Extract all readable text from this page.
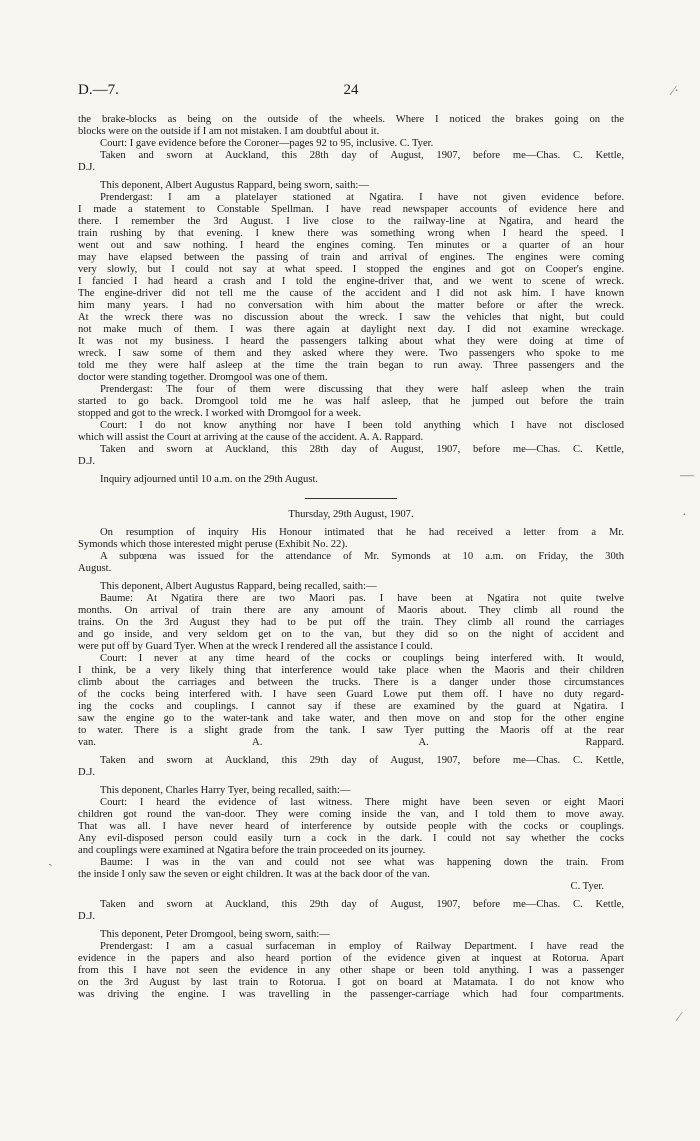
⁄·
—
·
ˏ
⁄
D.—7.	24
the brake-blocks as being on the outside of the wheels. Where I noticed the brakes going on the
blocks were on the outside if I am not mistaken. I am doubtful about it.
Court: I gave evidence before the Coroner—pages 92 to 95, inclusive. C. Tyer.
Taken and sworn at Auckland, this 28th day of August, 1907, before me—Chas. C. Kettle,
D.J.
This deponent, Albert Augustus Rappard, being sworn, saith:—
Prendergast: I am a platelayer stationed at Ngatira. I have not given evidence before.
I made a statement to Constable Spellman. I have read newspaper accounts of evidence here and
there. I remember the 3rd August. I live close to the railway-line at Ngatira, and heard the
train rushing by that evening. I knew there was something wrong when I heard the speed. I
went out and saw nothing. I heard the engines coming. Ten minutes or a quarter of an hour
may have elapsed between the passing of train and arrival of engines. The engines were coming
very slowly, but I could not say at what speed. I stopped the engines and got on Cooper's engine.
I fancied I had heard a crash and I told the engine-driver that, and we went to scene of wreck.
The engine-driver did not tell me the cause of the accident and I did not ask him. I have known
him many years. I had no conversation with him about the matter before or after the wreck.
At the wreck there was no discussion about the wreck. I saw the vehicles that night, but could
not make much of them. I was there again at daylight next day. I did not examine wreckage.
It was not my business. I heard the passengers talking about what they were doing at time of
wreck. I saw some of them and they asked where they were. Two passengers who spoke to me
told me they were half asleep at the time the train began to run away. Three passengers and the
doctor were standing together. Dromgool was one of them.
Prendergast: The four of them were discussing that they were half asleep when the train
started to go back. Dromgool told me he was half asleep, that he jumped out before the train
stopped and got to the wreck. I worked with Dromgool for a week.
Court: I do not know anything nor have I been told anything which I have not disclosed
which will assist the Court at arriving at the cause of the accident. A. A. Rappard.
Taken and sworn at Auckland, this 28th day of August, 1907, before me—Chas. C. Kettle,
D.J.
Inquiry adjourned until 10 a.m. on the 29th August.
Thursday, 29th August, 1907.
On resumption of inquiry His Honour intimated that he had received a letter from a Mr.
Symonds which those interested might peruse (Exhibit No. 22).
A subpœna was issued for the attendance of Mr. Symonds at 10 a.m. on Friday, the 30th
August.
This deponent, Albert Augustus Rappard, being recalled, saith:—
Baume: At Ngatira there are two Maori pas. I have been at Ngatira not quite twelve
months. On arrival of train there are any amount of Maoris about. They climb all round the
trains. On the 3rd August they had to be put off the train. They climb all round the carriages
and go inside, and very seldom get on to the van, but they did so on the night of accident and
were put off by Guard Tyer. When at the wreck I rendered all the assistance I could.
Court: I never at any time heard of the cocks or couplings being interfered with. It would,
I think, be a very likely thing that interference would take place when the Maoris and their children
climb about the carriages and between the trucks. There is a danger under those circumstances
of the cocks being interfered with. I have seen Guard Lowe put them off. I have no duty regard-
ing the cocks and couplings. I cannot say if these are examined by the guard at Ngatira. I
saw the engine go to the water-tank and take water, and then move on and stop for the other engine
to water. There is a slight grade from the tank. I saw Tyer putting the Maoris off at the rear
van. A. A. Rappard.
Taken and sworn at Auckland, this 29th day of August, 1907, before me—Chas. C. Kettle,
D.J.
This deponent, Charles Harry Tyer, being recalled, saith:—
Court: I heard the evidence of last witness. There might have been seven or eight Maori
children got round the van-door. They were coming inside the van, and I told them to move away.
That was all. I have never heard of interference by outside people with the cocks or couplings.
Any evil-disposed person could easily turn a cock in the dark. I could not say whether the cocks
and couplings were examined at Ngatira before the train proceeded on its journey.
Baume: I was in the van and could not see what was happening down the train. From
the inside I only saw the seven or eight children. It was at the back door of the van.
C. Tyer.
Taken and sworn at Auckland, this 29th day of August, 1907, before me—Chas. C. Kettle,
D.J.
This deponent, Peter Dromgool, being sworn, saith:—
Prendergast: I am a casual surfaceman in employ of Railway Department. I have read the
evidence in the papers and also heard portion of the evidence given at inquest at Rotorua. Apart
from this I have not seen the evidence in any other shape or been told anything. I was a passenger
on the 3rd August by last train to Rotorua. I got on board at Matamata. I do not know who
was driving the engine. I was travelling in the passenger-carriage which had four compartments.
